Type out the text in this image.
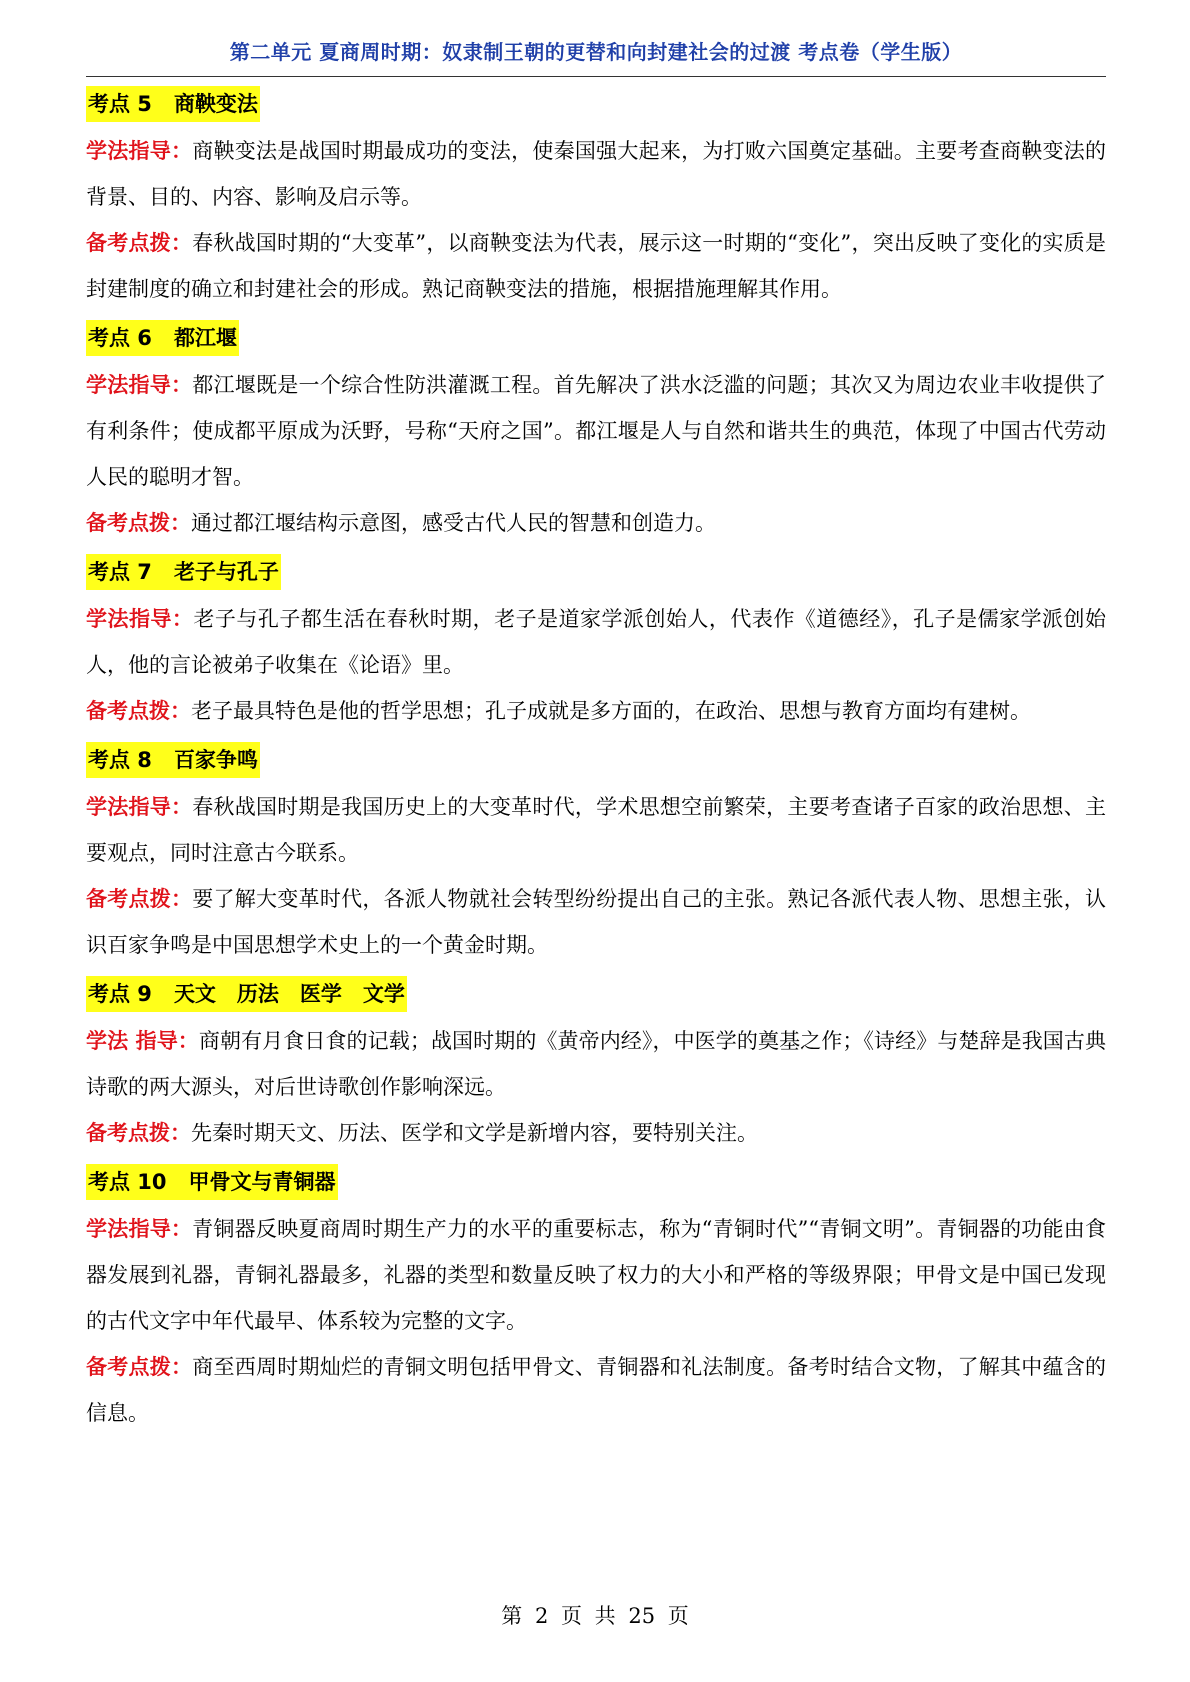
第二单元 夏商周时期：奴隶制王朝的更替和向封建社会的过渡 考点卷（学生版）
考点 5 商鞅变法

学法指导：商鞅变法是战国时期最成功的变法，使秦国强大起来，为打败六国奠定基础。主要考查商鞅变法的背景、目的、内容、影响及启示等。

备考点拨：春秋战国时期的“大变革”，以商鞅变法为代表，展示这一时期的“变化”，突出反映了变化的实质是封建制度的确立和封建社会的形成。熟记商鞅变法的措施，根据措施理解其作用。

考点 6 都江堰

学法指导：都江堰既是一个综合性防洪灌溉工程。首先解决了洪水泛滥的问题；其次又为周边农业丰收提供了有利条件；使成都平原成为沃野，号称“天府之国”。都江堰是人与自然和谐共生的典范，体现了中国古代劳动人民的聪明才智。

备考点拨：通过都江堰结构示意图，感受古代人民的智慧和创造力。

考点 7 老子与孔子

学法指导：老子与孔子都生活在春秋时期，老子是道家学派创始人，代表作《道德经》，孔子是儒家学派创始人，他的言论被弟子收集在《论语》里。

备考点拨：老子最具特色是他的哲学思想；孔子成就是多方面的，在政治、思想与教育方面均有建树。

考点 8 百家争鸣

学法指导：春秋战国时期是我国历史上的大变革时代，学术思想空前繁荣，主要考查诸子百家的政治思想、主要观点，同时注意古今联系。

备考点拨：要了解大变革时代，各派人物就社会转型纷纷提出自己的主张。熟记各派代表人物、思想主张，认识百家争鸣是中国思想学术史上的一个黄金时期。

考点 9 天文　历法　医学　文学

学法 指导：商朝有月食日食的记载；战国时期的《黄帝内经》，中医学的奠基之作；《诗经》与楚辞是我国古典诗歌的两大源头，对后世诗歌创作影响深远。

备考点拨：先秦时期天文、历法、医学和文学是新增内容，要特别关注。

考点 10 甲骨文与青铜器

学法指导：青铜器反映夏商周时期生产力的水平的重要标志，称为“青铜时代”“青铜文明”。青铜器的功能由食器发展到礼器，青铜礼器最多，礼器的类型和数量反映了权力的大小和严格的等级界限；甲骨文是中国已发现的古代文字中年代最早、体系较为完整的文字。

备考点拨：商至西周时期灿烂的青铜文明包括甲骨文、青铜器和礼法制度。备考时结合文物，了解其中蕴含的信息。

第 2 页 共 25 页
